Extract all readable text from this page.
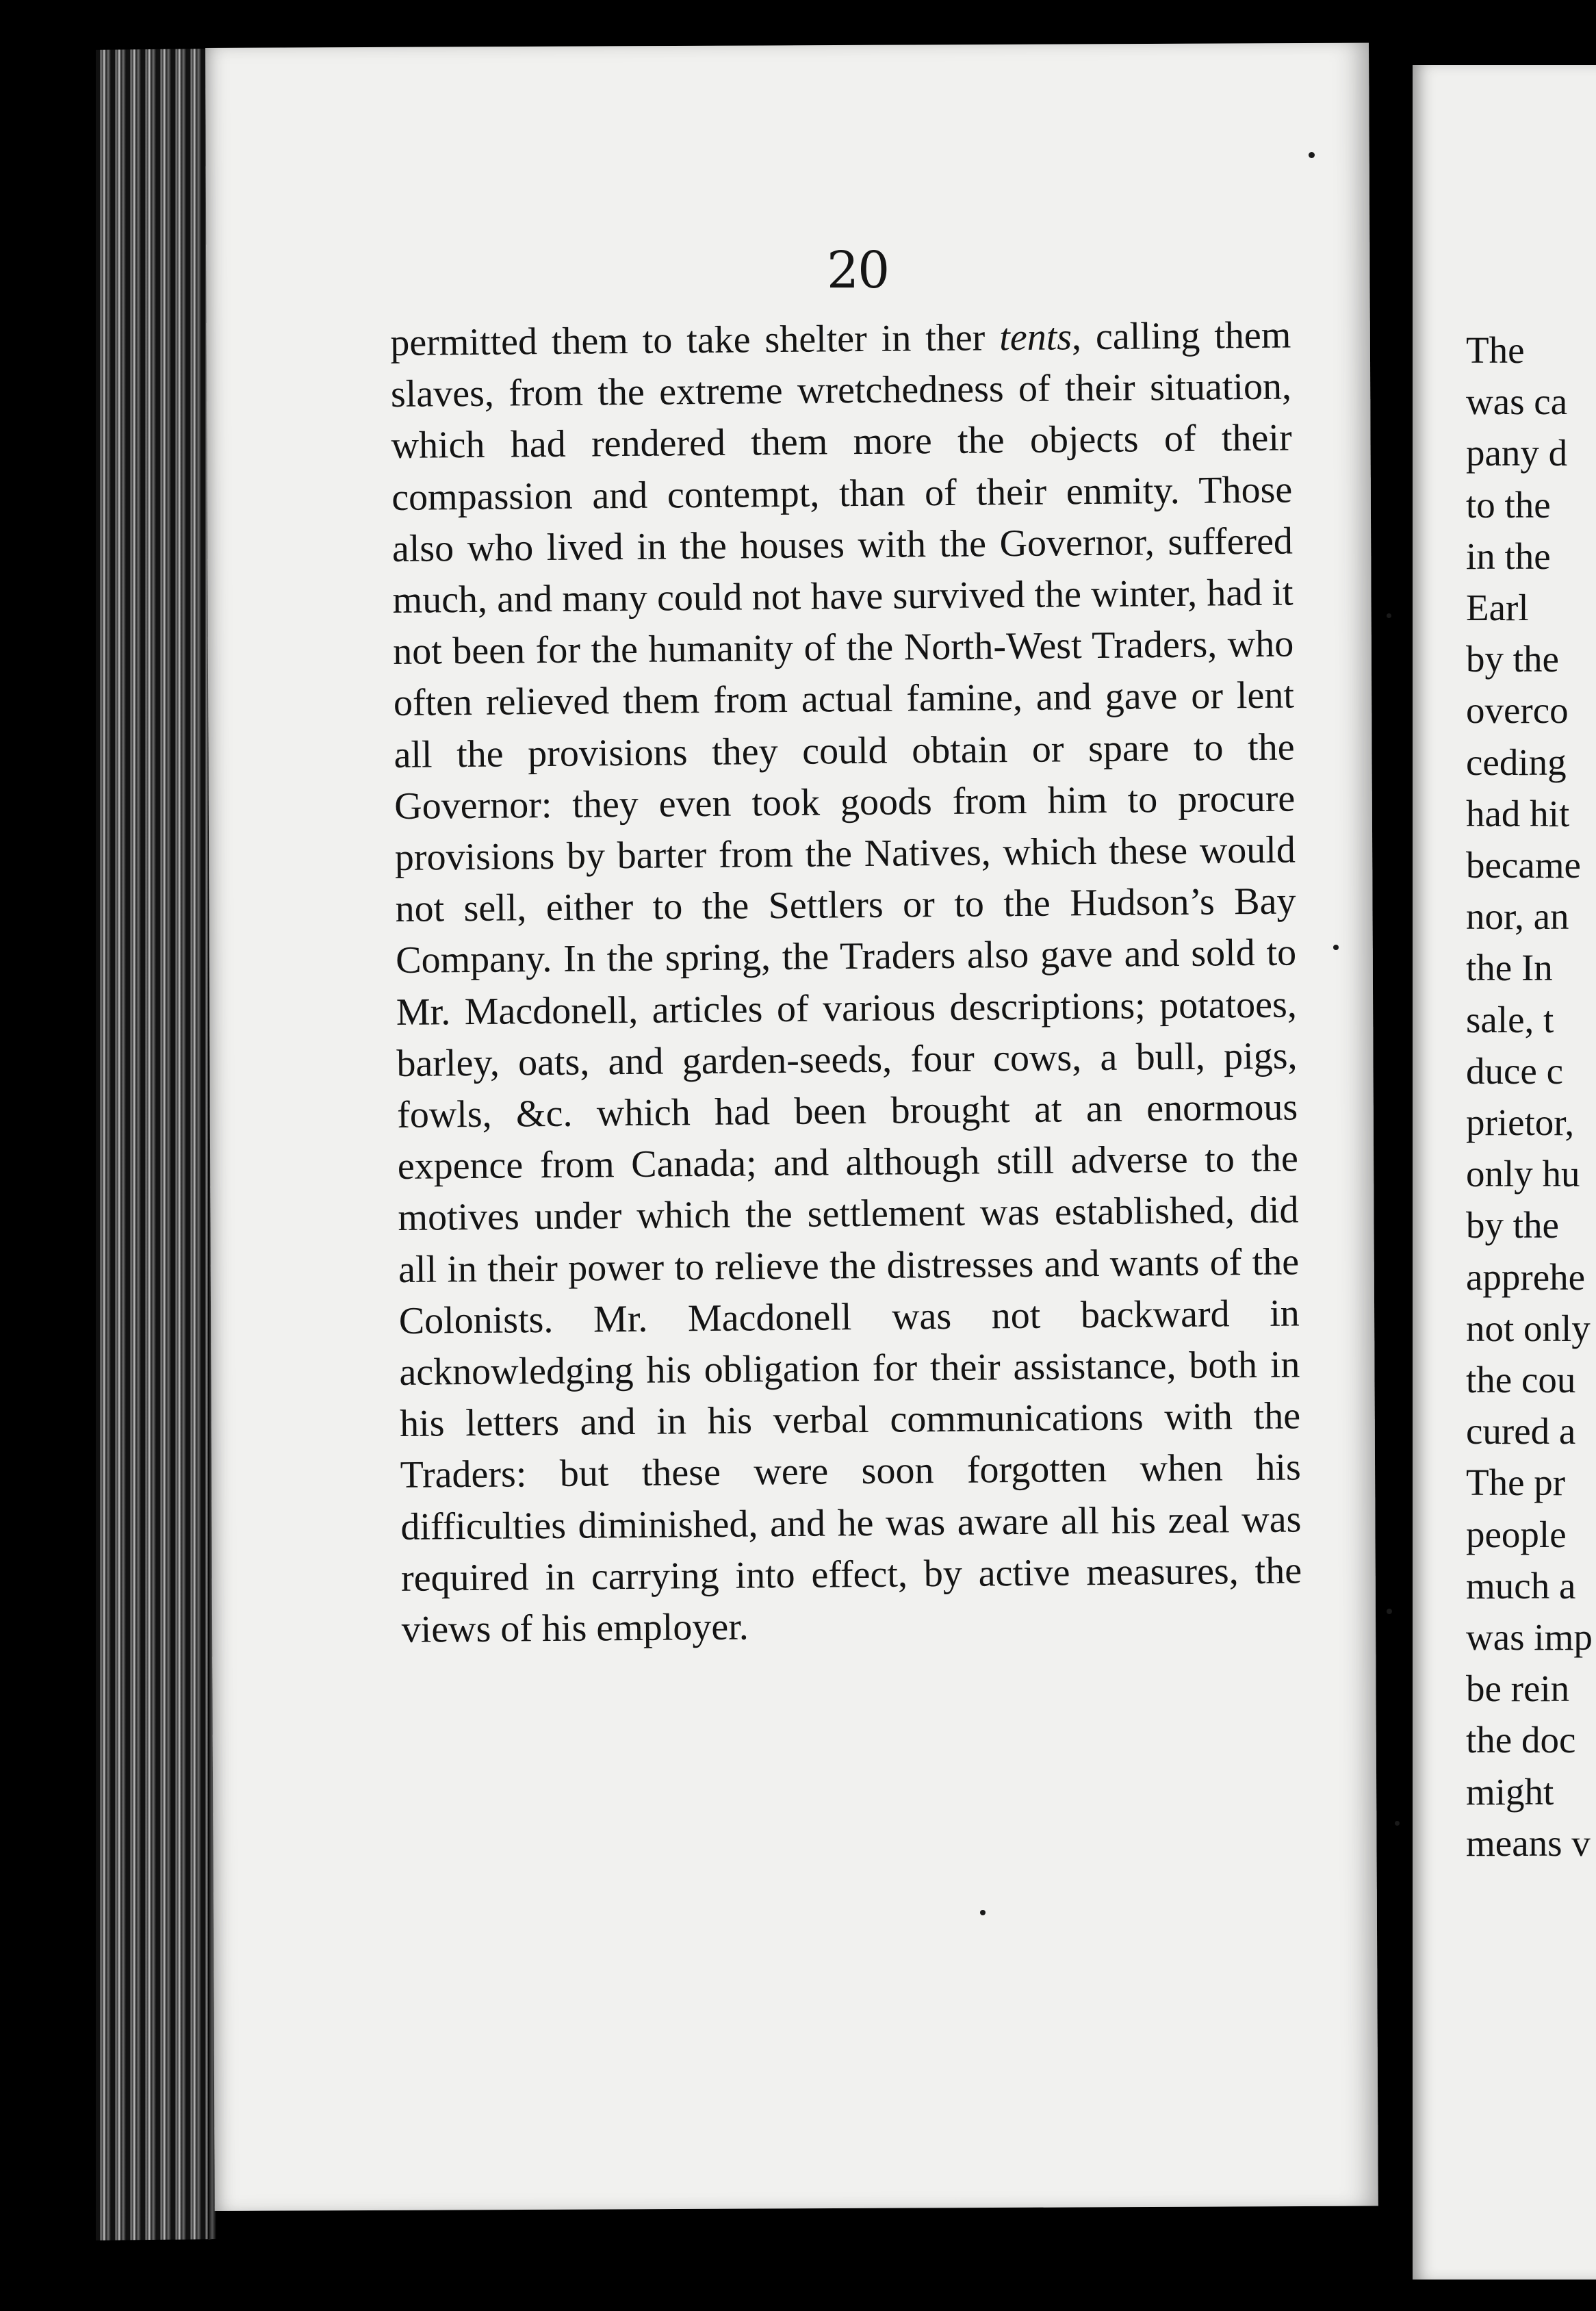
20

permitted them to take shelter in ther tents, calling them slaves, from the extreme wretchedness of their situation, which had rendered them more the objects of their compassion and contempt, than of their enmity. Those also who lived in the houses with the Governor, suffered much, and many could not have survived the winter, had it not been for the humanity of the North-West Traders, who often relieved them from actual famine, and gave or lent all the provisions they could obtain or spare to the Governor: they even took goods from him to procure provisions by barter from the Natives, which these would not sell, either to the Settlers or to the Hudson’s Bay Company. In the spring, the Traders also gave and sold to Mr. Macdonell, articles of various descriptions; potatoes, barley, oats, and garden-seeds, four cows, a bull, pigs, fowls, &c. which had been brought at an enormous expence from Canada; and although still adverse to the motives under which the settlement was established, did all in their power to relieve the distresses and wants of the Colonists. Mr. Macdonell was not backward in acknowledging his obligation for their assistance, both in his letters and in his verbal communications with the Traders: but these were soon forgotten when his difficulties diminished, and he was aware all his zeal was required in carrying into effect, by active measures, the views of his employer.

The
was ca
pany d
to the
in the
Earl
by the
overco
ceding
had hit
became
nor, an
the In
sale, t
duce c
prietor,
only hu
by the
apprehe
not only
the cou
cured a
The pr
people
much a
was imp
be rein
the doc
might
means v
